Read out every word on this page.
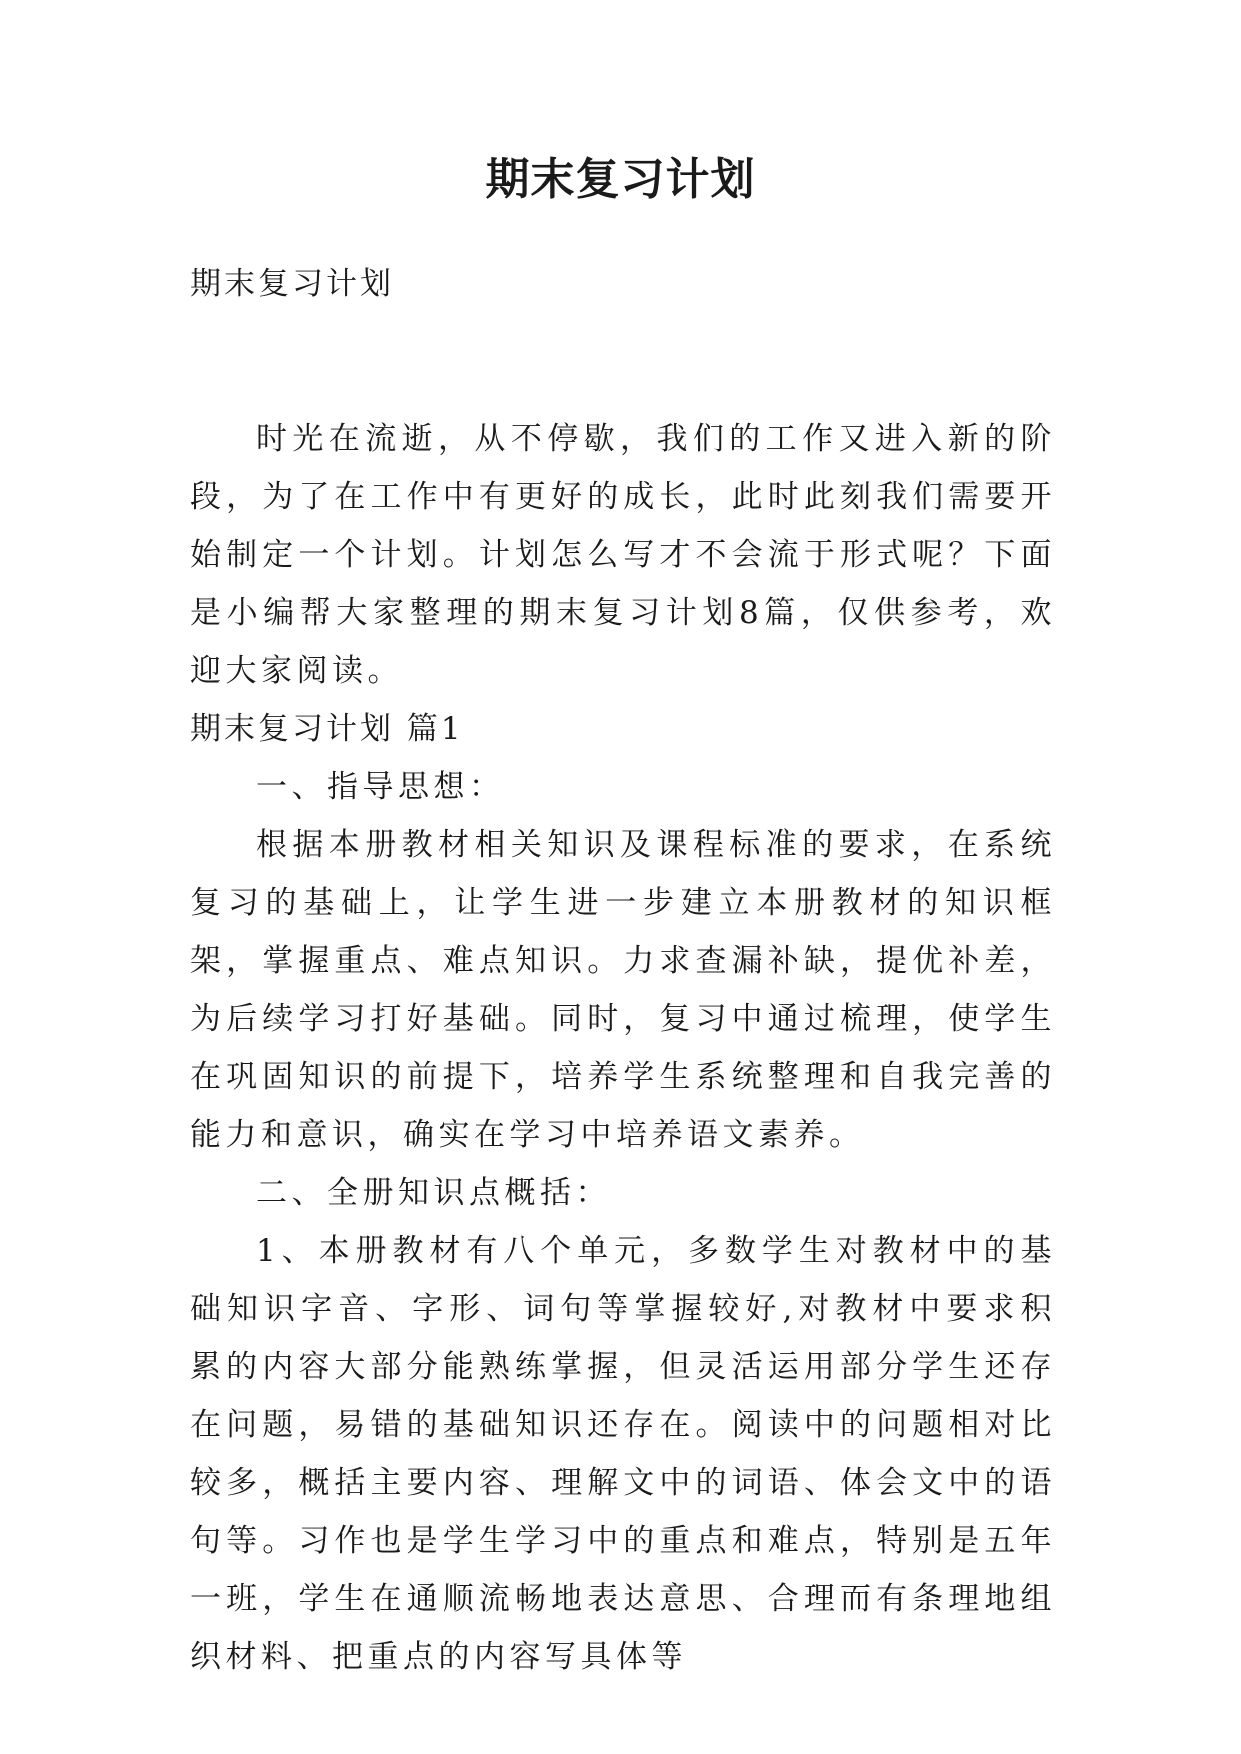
期末复习计划

期末复习计划

时光在流逝，从不停歇，我们的工作又进入新的阶段，为了在工作中有更好的成长，此时此刻我们需要开始制定一个计划。计划怎么写才不会流于形式呢？下面是小编帮大家整理的期末复习计划8篇，仅供参考，欢迎大家阅读。

期末复习计划 篇1

一、指导思想：

根据本册教材相关知识及课程标准的要求，在系统复习的基础上，让学生进一步建立本册教材的知识框架，掌握重点、难点知识。力求查漏补缺，提优补差，为后续学习打好基础。同时，复习中通过梳理，使学生在巩固知识的前提下，培养学生系统整理和自我完善的能力和意识，确实在学习中培养语文素养。

二、全册知识点概括：

1、本册教材有八个单元，多数学生对教材中的基础知识字音、字形、词句等掌握较好,对教材中要求积累的内容大部分能熟练掌握，但灵活运用部分学生还存在问题，易错的基础知识还存在。阅读中的问题相对比较多，概括主要内容、理解文中的词语、体会文中的语句等。习作也是学生学习中的重点和难点，特别是五年一班，学生在通顺流畅地表达意思、合理而有条理地组织材料、把重点的内容写具体等
